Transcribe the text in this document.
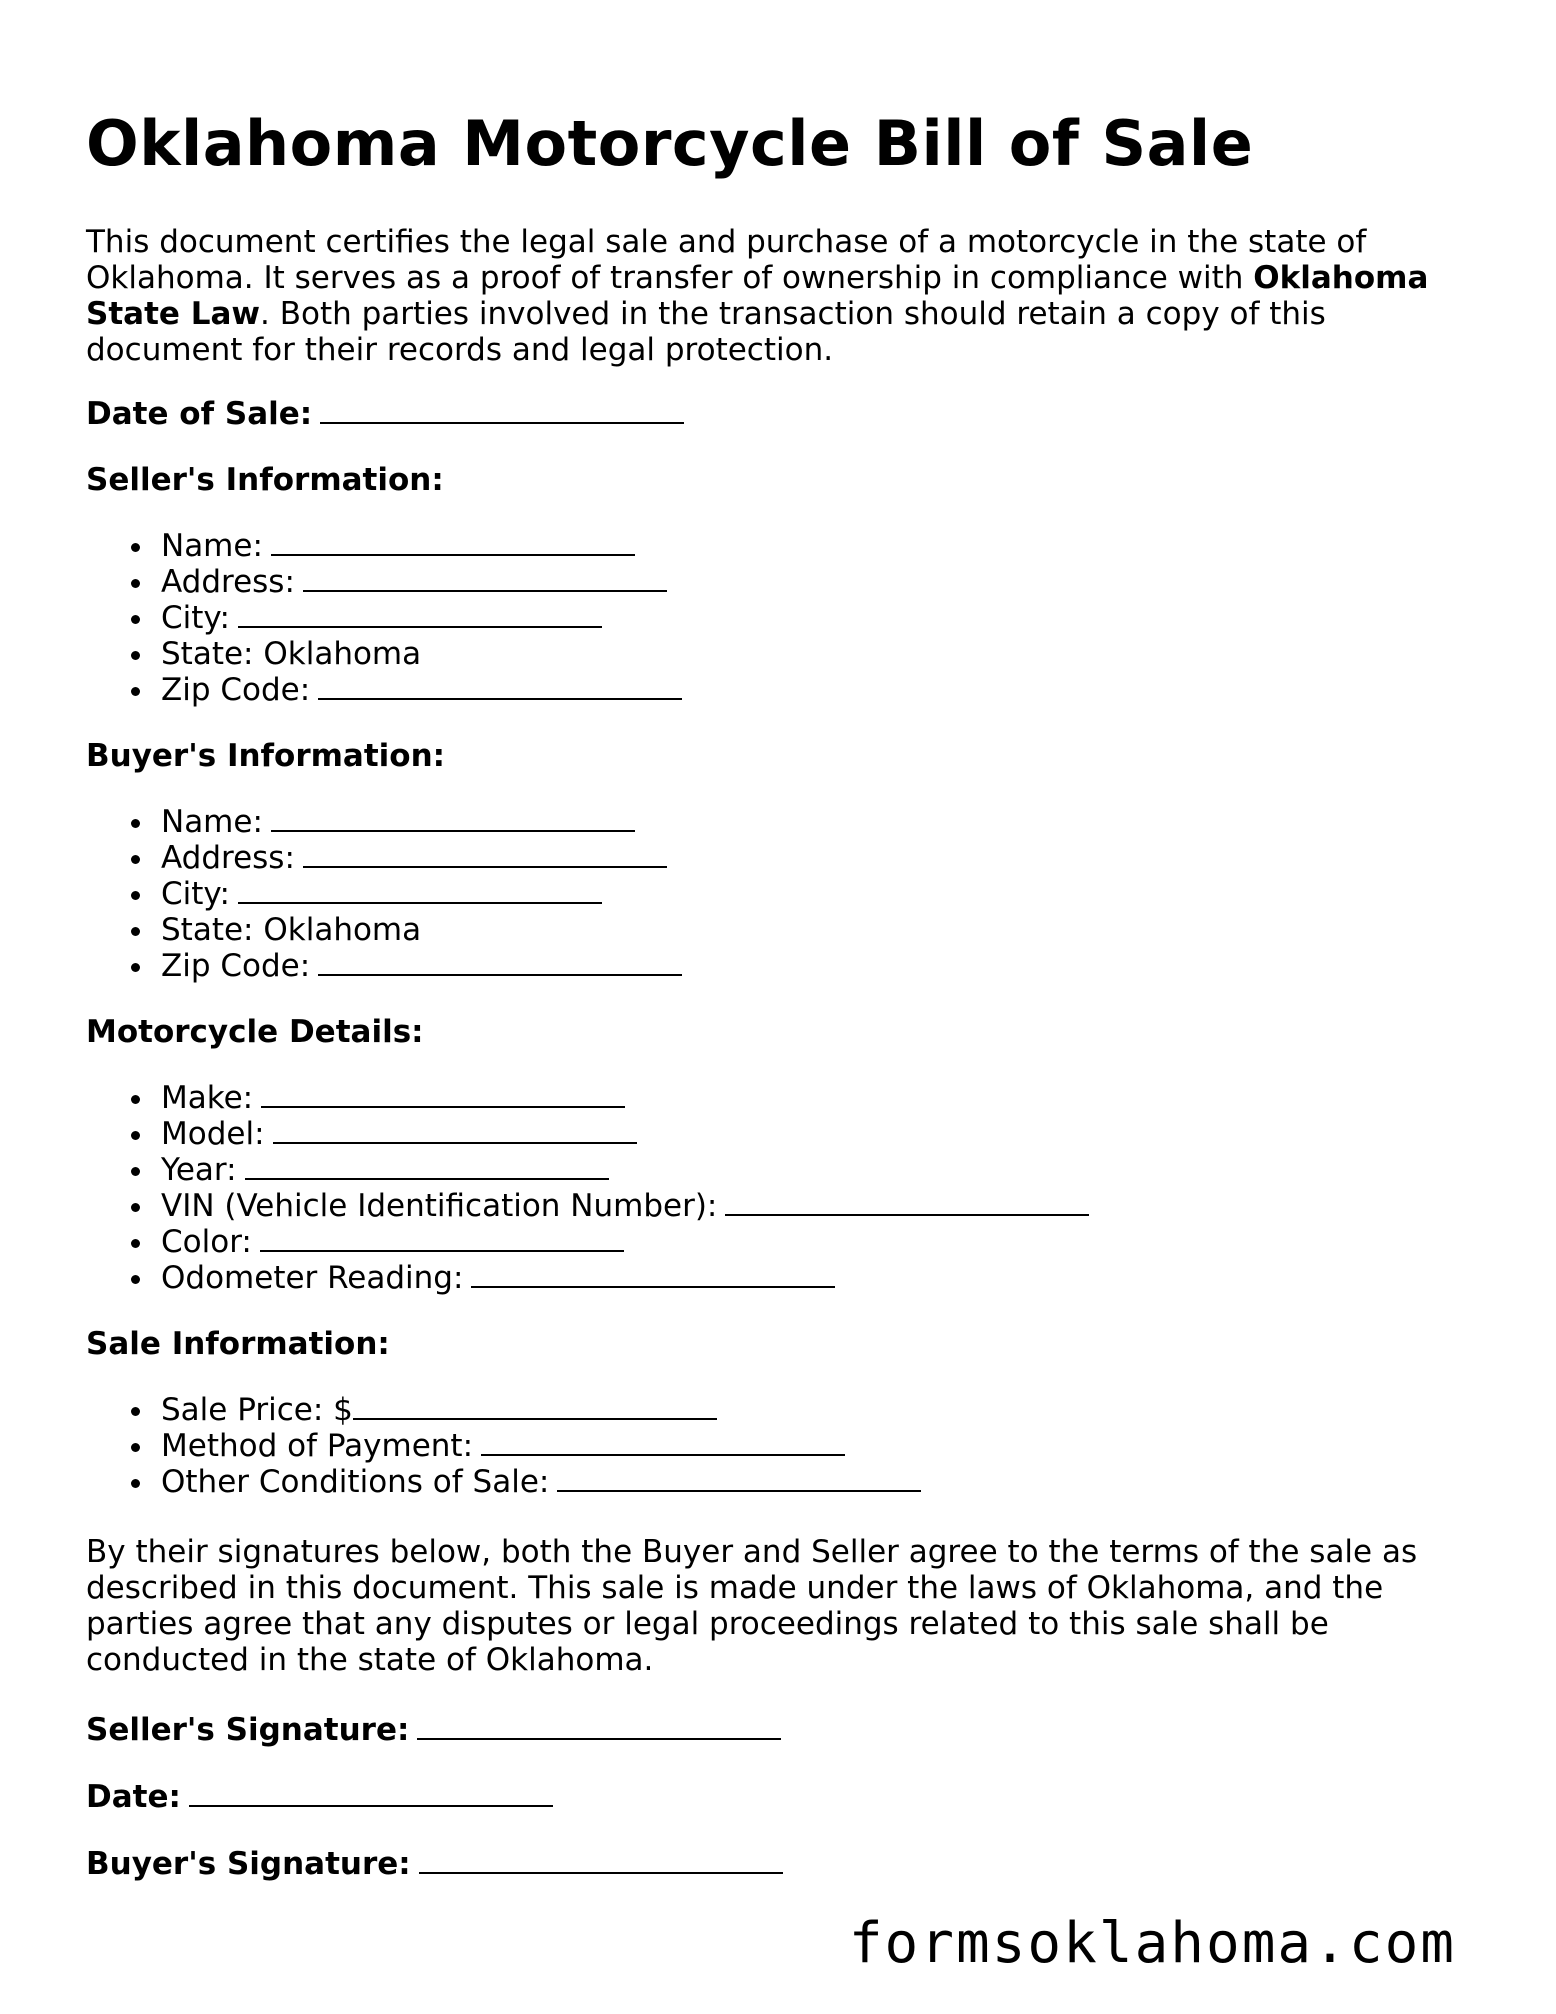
Oklahoma Motorcycle Bill of Sale

This document certifies the legal sale and purchase of a motorcycle in the state of Oklahoma. It serves as a proof of transfer of ownership in compliance with Oklahoma State Law. Both parties involved in the transaction should retain a copy of this document for their records and legal protection.

Date of Sale:

Seller's Information:

Name:
Address:
City:
State: Oklahoma
Zip Code:

Buyer's Information:

Name:
Address:
City:
State: Oklahoma
Zip Code:

Motorcycle Details:

Make:
Model:
Year:
VIN (Vehicle Identification Number):
Color:
Odometer Reading:

Sale Information:

Sale Price: $
Method of Payment:
Other Conditions of Sale:

By their signatures below, both the Buyer and Seller agree to the terms of the sale as described in this document. This sale is made under the laws of Oklahoma, and the parties agree that any disputes or legal proceedings related to this sale shall be conducted in the state of Oklahoma.

Seller's Signature:

Date:

Buyer's Signature:

formsoklahoma.com
